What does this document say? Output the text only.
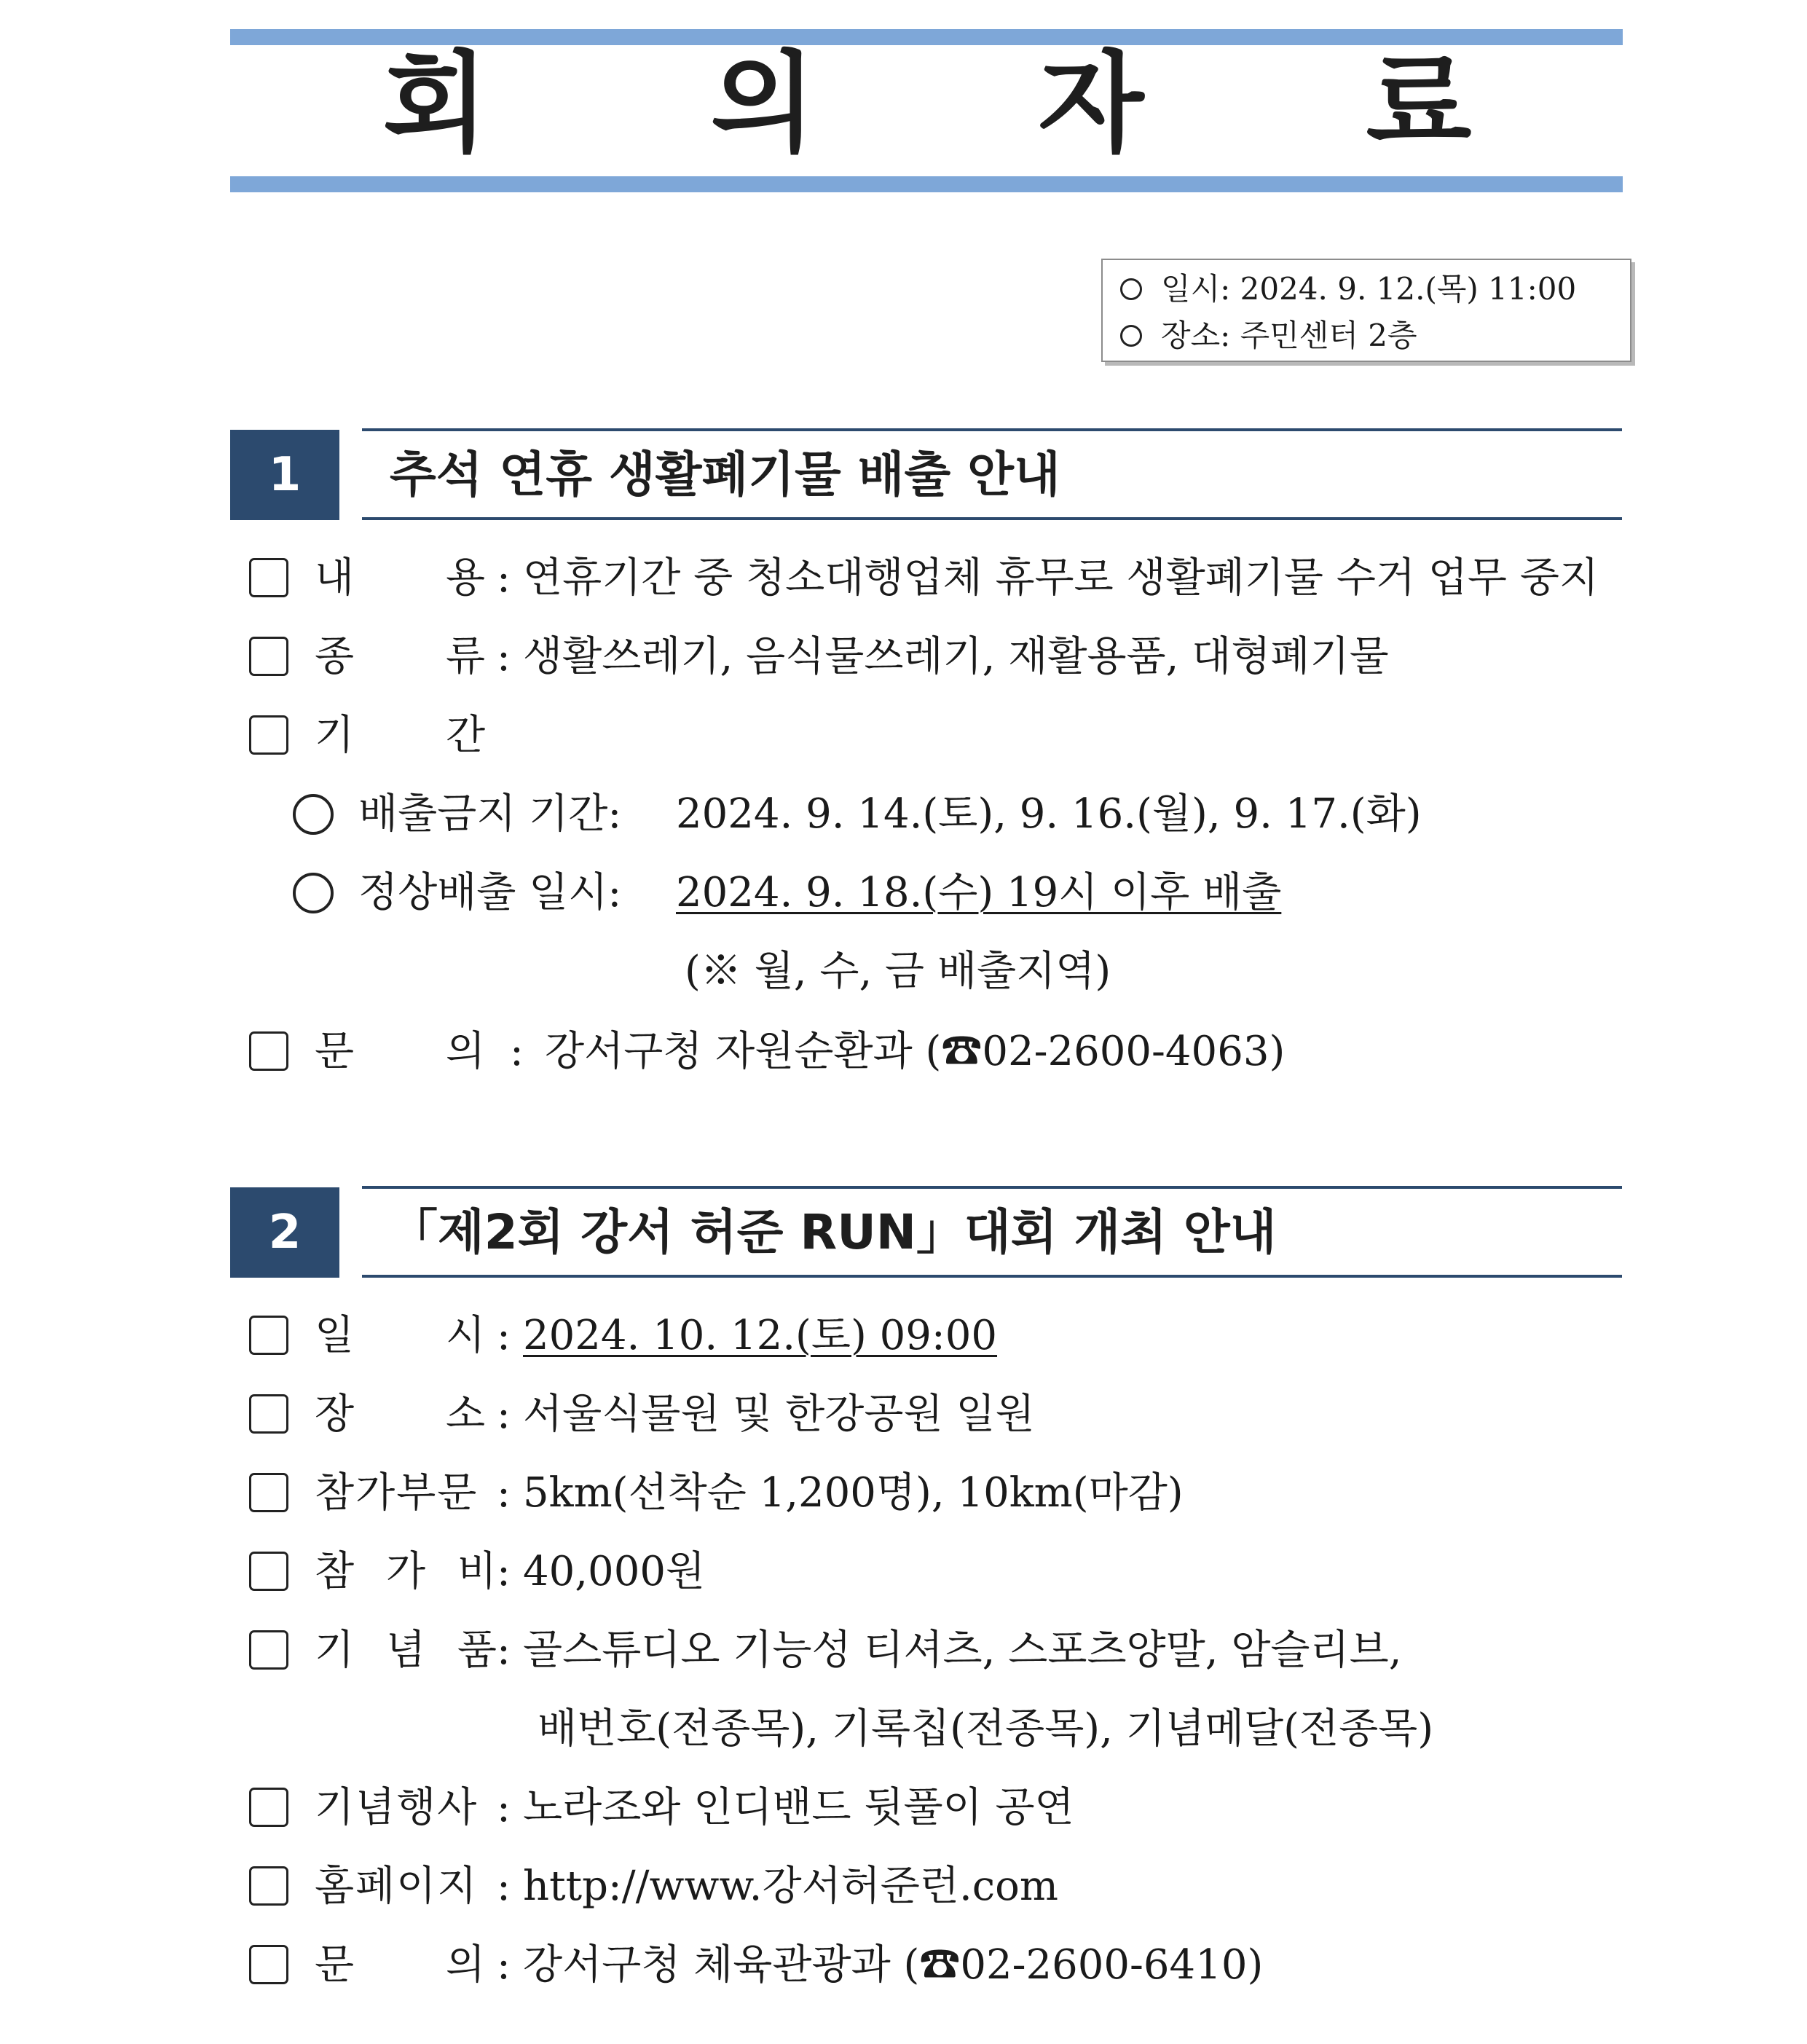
회 의 자 료
일시: 2024. 9. 12.(목) 11:00
장소: 주민센터 2층
1	추석 연휴 생활폐기물 배출 안내
내 용 : 연휴기간 중 청소대행업체 휴무로 생활폐기물 수거 업무 중지
종 류 : 생활쓰레기, 음식물쓰레기, 재활용품, 대형폐기물
기 간
배출금지 기간: 2024. 9. 14.(토), 9. 16.(월), 9. 17.(화)
정상배출 일시: 2024. 9. 18.(수) 19시 이후 배출
(※ 월, 수, 금 배출지역)
문 의 : 강서구청 자원순환과 (☎02-2600-4063)
2	「제2회 강서 허준 RUN」대회 개최 안내
일 시 : 2024. 10. 12.(토) 09:00
장 소 : 서울식물원 및 한강공원 일원
참가부문 : 5km(선착순 1,200명), 10km(마감)
참 가 비 : 40,000원
기 념 품 : 골스튜디오 기능성 티셔츠, 스포츠양말, 암슬리브,
배번호(전종목), 기록칩(전종목), 기념메달(전종목)
기념행사 : 노라조와 인디밴드 뒷풀이 공연
홈페이지 : http://www.강서허준런.com
문 의 : 강서구청 체육관광과 (☎02-2600-6410)
